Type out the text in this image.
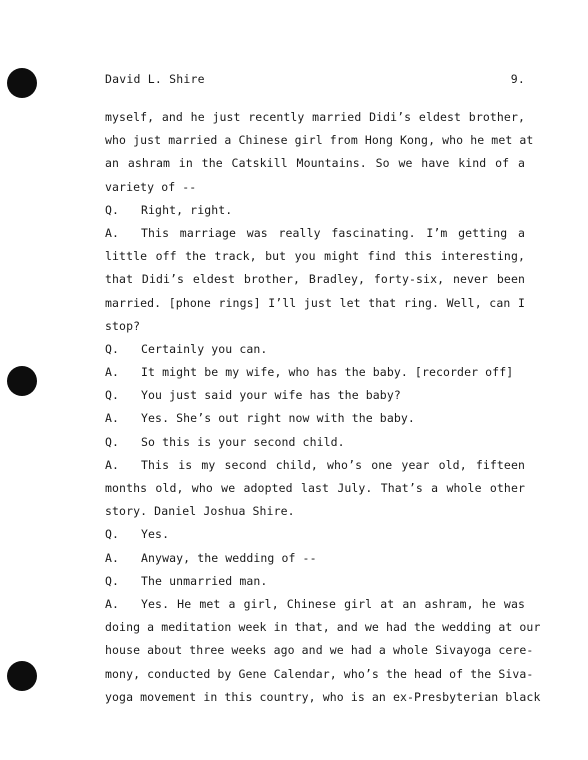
David L. Shire	9.
myself, and he just recently married Didi’s eldest brother,
who just married a Chinese girl from Hong Kong, who he met at
an ashram in the Catskill Mountains. So we have kind of a
variety of --
Q. Right, right.
A. This marriage was really fascinating. I’m getting a
little off the track, but you might find this interesting,
that Didi’s eldest brother, Bradley, forty-six, never been
married. [phone rings] I’ll just let that ring. Well, can I
stop?
Q. Certainly you can.
A. It might be my wife, who has the baby. [recorder off]
Q. You just said your wife has the baby?
A. Yes. She’s out right now with the baby.
Q. So this is your second child.
A. This is my second child, who’s one year old, fifteen
months old, who we adopted last July. That’s a whole other
story. Daniel Joshua Shire.
Q. Yes.
A. Anyway, the wedding of --
Q. The unmarried man.
A. Yes. He met a girl, Chinese girl at an ashram, he was
doing a meditation week in that, and we had the wedding at our
house about three weeks ago and we had a whole Sivayoga cere-
mony, conducted by Gene Calendar, who’s the head of the Siva-
yoga movement in this country, who is an ex-Presbyterian black
